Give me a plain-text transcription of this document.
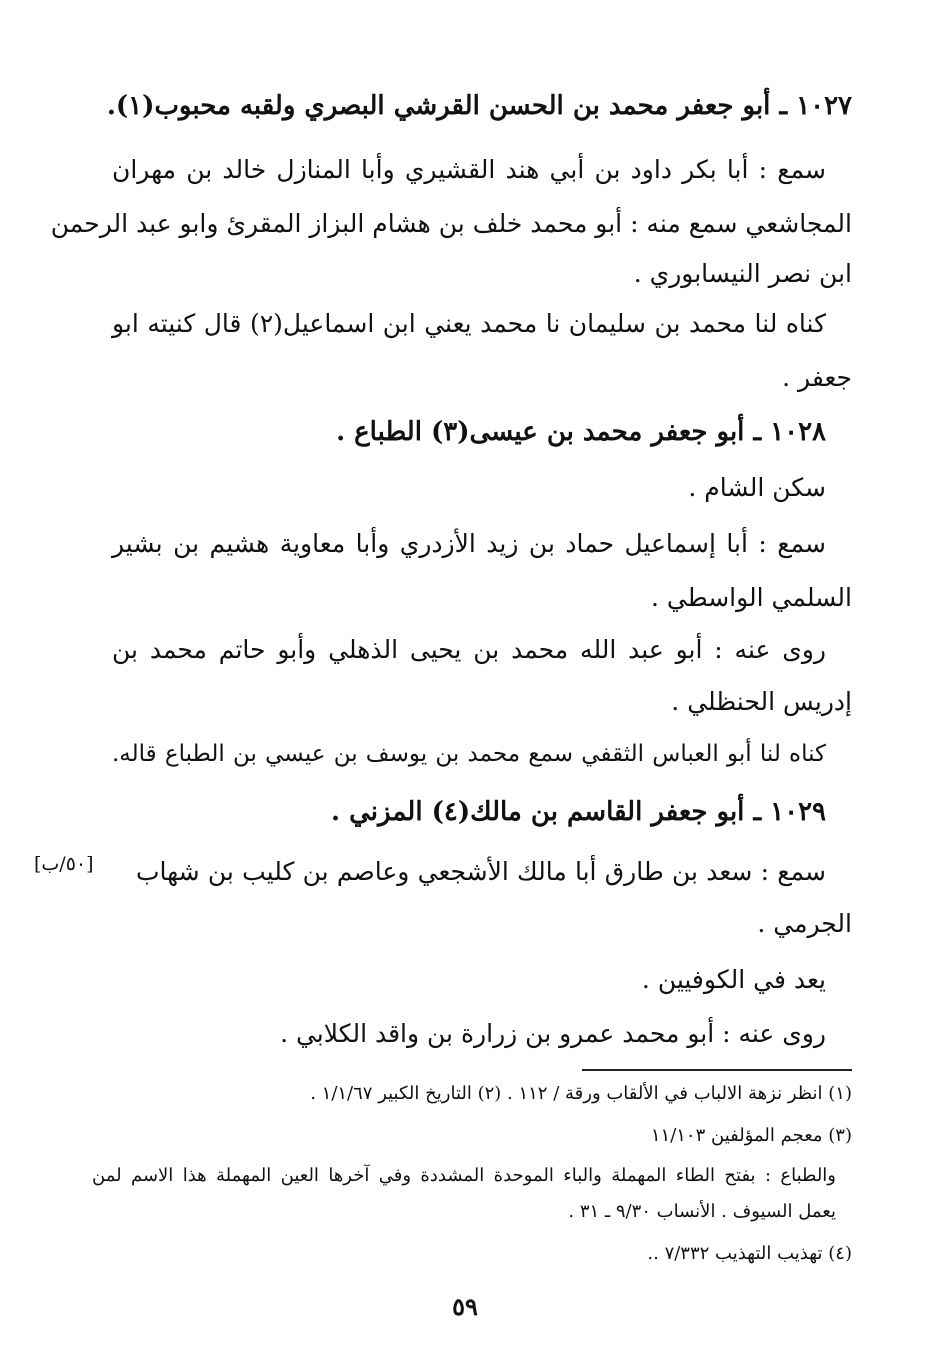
١٠٢٧ ـ أبو جعفر محمد بن الحسن القرشي البصري ولقبه محبوب(١).
سمع : أبا بكر داود بن أبي هند القشيري وأبا المنازل خالد بن مهران
المجاشعي سمع منه : أبو محمد خلف بن هشام البزاز المقرئ وابو عبد الرحمن
ابن نصر النيسابوري .
كناه لنا محمد بن سليمان نا محمد يعني ابن اسماعيل(٢) قال كنيته ابو
جعفر .
١٠٢٨ ـ أبو جعفر محمد بن عيسى(٣) الطباع .
سكن الشام .
سمع : أبا إسماعيل حماد بن زيد الأزدري وأبا معاوية هشيم بن بشير
السلمي الواسطي .
روى عنه : أبو عبد الله محمد بن يحيى الذهلي وأبو حاتم محمد بن
إدريس الحنظلي .
كناه لنا أبو العباس الثقفي سمع محمد بن يوسف بن عيسي بن الطباع قاله.
١٠٢٩ ـ أبو جعفر القاسم بن مالك(٤) المزني .
سمع : سعد بن طارق أبا مالك الأشجعي وعاصم بن كليب بن شهاب
[٥٠/ب]
الجرمي .
يعد في الكوفيين .
روى عنه : أبو محمد عمرو بن زرارة بن واقد الكلابي .
(١) انظر نزهة الالباب في الألقاب ورقة / ١١٢ . (٢) التاريخ الكبير ١/١/٦٧ .
(٣) معجم المؤلفين ١١/١٠٣
والطباع : بفتح الطاء المهملة والباء الموحدة المشددة وفي آخرها العين المهملة هذا الاسم لمن
يعمل السيوف . الأنساب ٩/٣٠ ـ ٣١ .
(٤) تهذيب التهذيب ٧/٣٣٢ ..
٥٩
